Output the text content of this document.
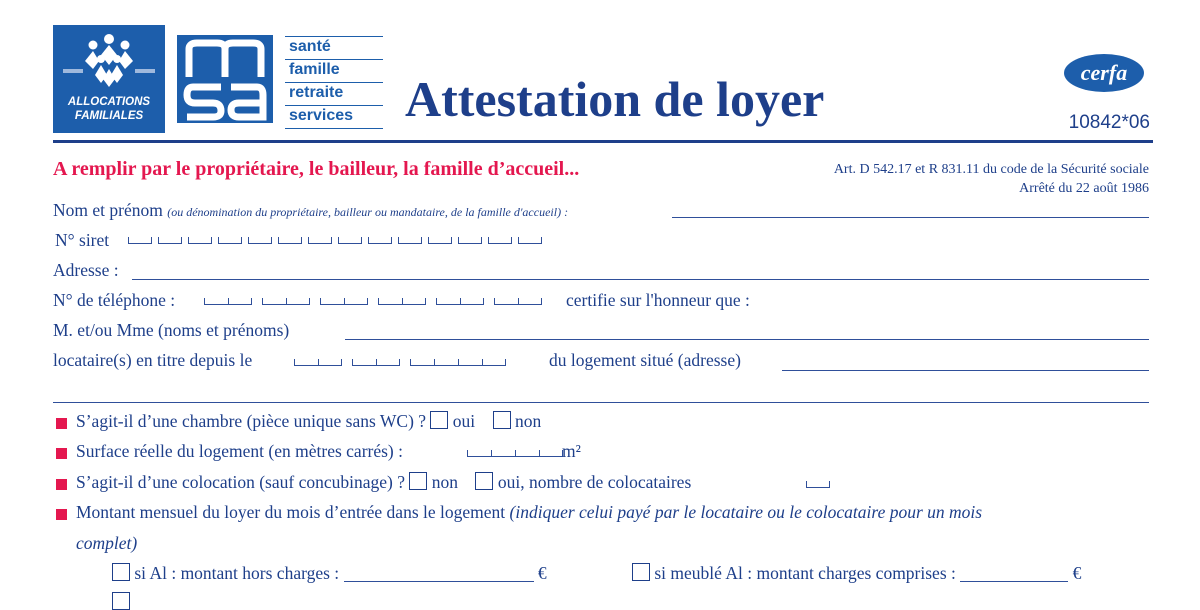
ALLOCATIONS
FAMILIALES
santé
famille
retraite
services	Attestation de loyer	cerfa
10842*06
A remplir par le propriétaire, le bailleur, la famille d’accueil...	Art. D 542.17 et R 831.11 du code de la Sécurité sociale
Arrêté du 22 août 1986
Nom et prénom (ou dénomination du propriétaire, bailleur ou mandataire, de la famille d'accueil) :
N° siret
Adresse :
N° de téléphone :	certifie sur l'honneur que :
M. et/ou Mme (noms et prénoms)
locataire(s) en titre depuis le	du logement situé (adresse)
S’agit-il d’une chambre (pièce unique sans WC) ? oui non
Surface réelle du logement (en mètres carrés) :	m²
S’agit-il d’une colocation (sauf concubinage) ? non oui, nombre de colocataires
Montant mensuel du loyer du mois d’entrée dans le logement (indiquer celui payé par le locataire ou le colocataire pour un mois
complet)
si Al : montant hors charges :	€	si meublé Al : montant charges comprises :	€
